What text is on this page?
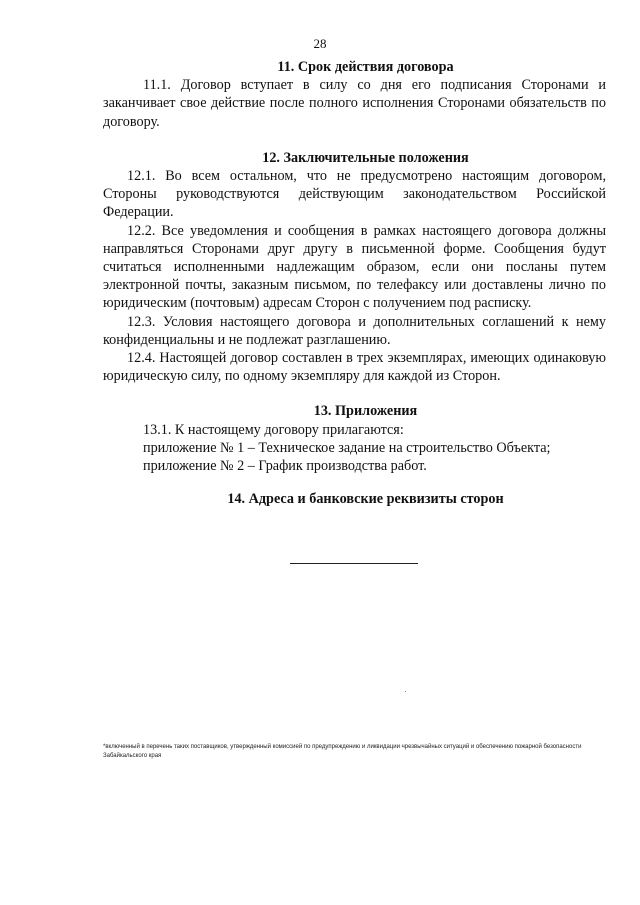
28

11. Срок действия договора

11.1. Договор вступает в силу со дня его подписания Сторонами и заканчивает свое действие после полного исполнения Сторонами обязательств по договору.

12. Заключительные положения

12.1. Во всем остальном, что не предусмотрено настоящим договором, Стороны руководствуются действующим законодательством Российской Федерации.

12.2. Все уведомления и сообщения в рамках настоящего договора должны направляться Сторонами друг другу в письменной форме. Сообщения будут считаться исполненными надлежащим образом, если они посланы путем электронной почты, заказным письмом, по телефаксу или доставлены лично по юридическим (почтовым) адресам Сторон с получением под расписку.

12.3. Условия настоящего договора и дополнительных соглашений к нему конфиденциальны и не подлежат разглашению.

12.4. Настоящей договор составлен в трех экземплярах, имеющих одинаковую юридическую силу, по одному экземпляру для каждой из Сторон.

13. Приложения

13.1. К настоящему договору прилагаются:

приложение № 1 – Техническое задание на строительство Объекта;

приложение № 2 – График производства работ.

14. Адреса и банковские реквизиты сторон

*включенный в перечень таких поставщиков, утвержденный комиссией по предупреждению и ликвидации чрезвычайных ситуаций и обеспечению пожарной безопасности Забайкальского края
